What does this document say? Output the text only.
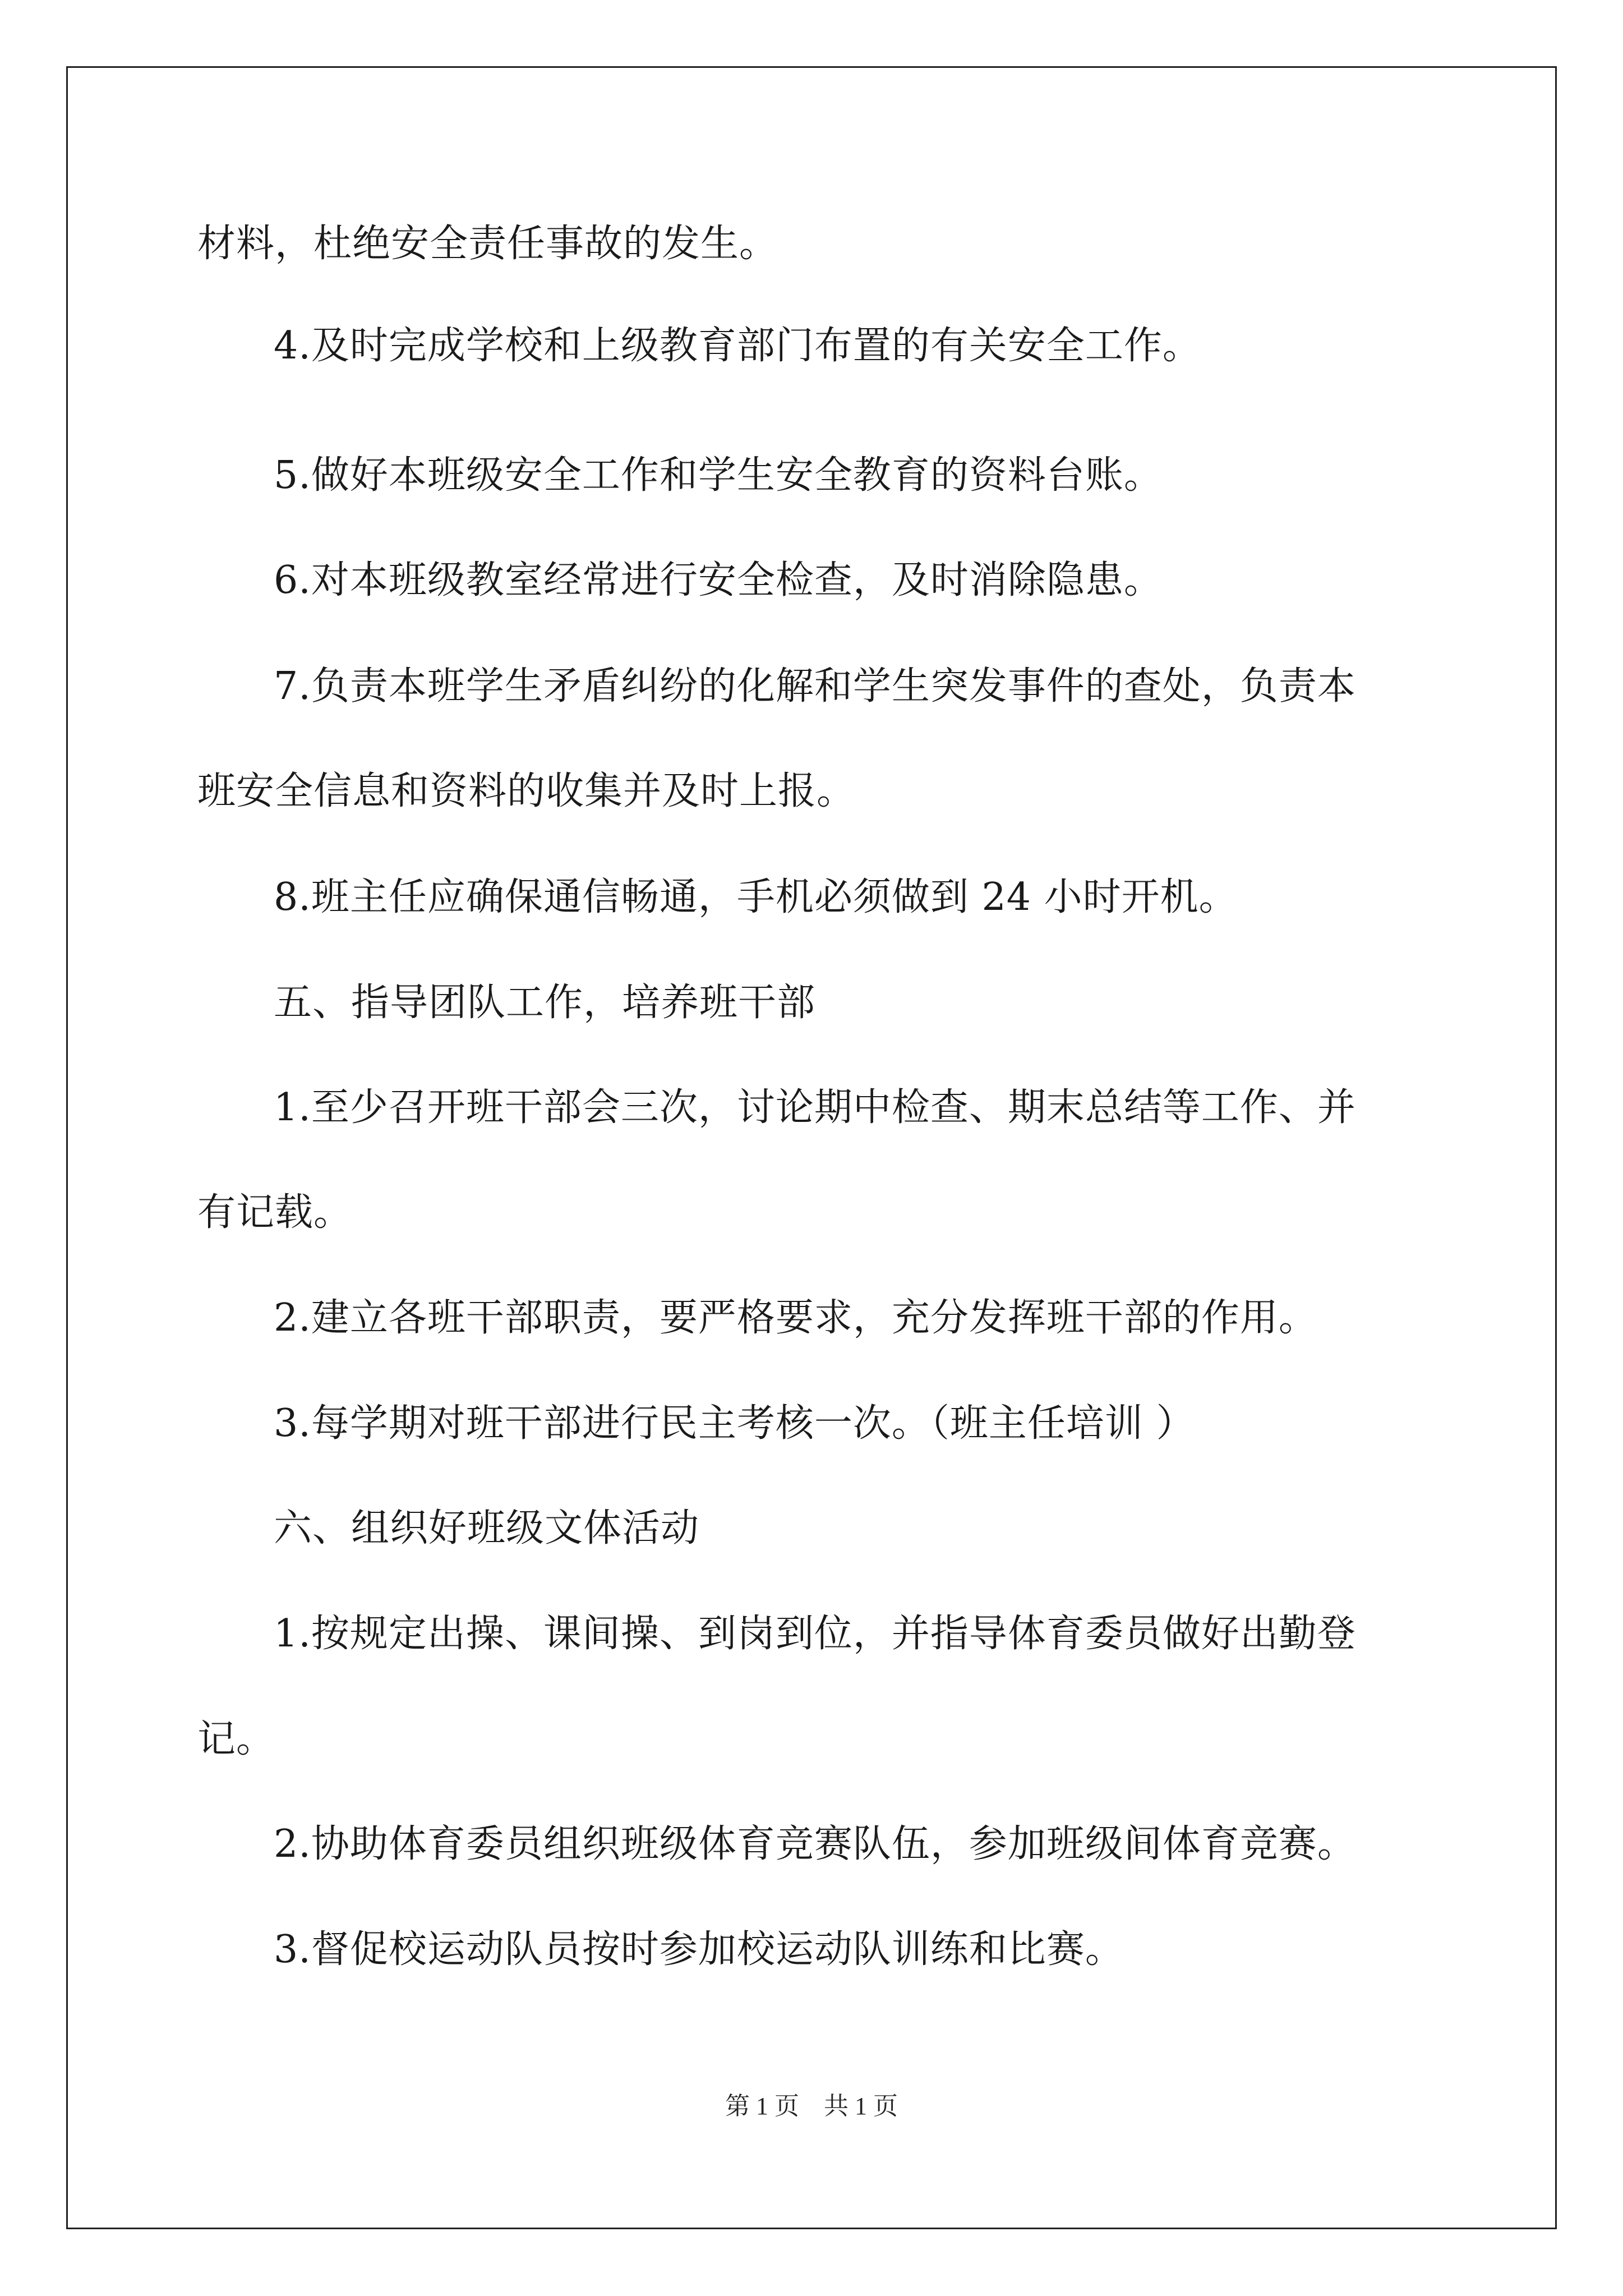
材料，杜绝安全责任事故的发生。
4.及时完成学校和上级教育部门布置的有关安全工作。
5.做好本班级安全工作和学生安全教育的资料台账。
6.对本班级教室经常进行安全检查，及时消除隐患。
7.负责本班学生矛盾纠纷的化解和学生突发事件的查处，负责本
班安全信息和资料的收集并及时上报。
8.班主任应确保通信畅通，手机必须做到 24 小时开机。
五、指导团队工作，培养班干部
1.至少召开班干部会三次，讨论期中检查、期末总结等工作、并
有记载。
2.建立各班干部职责，要严格要求，充分发挥班干部的作用。
3.每学期对班干部进行民主考核一次。（班主任培训 ）
六、组织好班级文体活动
1.按规定出操、课间操、到岗到位，并指导体育委员做好出勤登
记。
2.协助体育委员组织班级体育竞赛队伍，参加班级间体育竞赛。
3.督促校运动队员按时参加校运动队训练和比赛。
第 1 页　共 1 页
